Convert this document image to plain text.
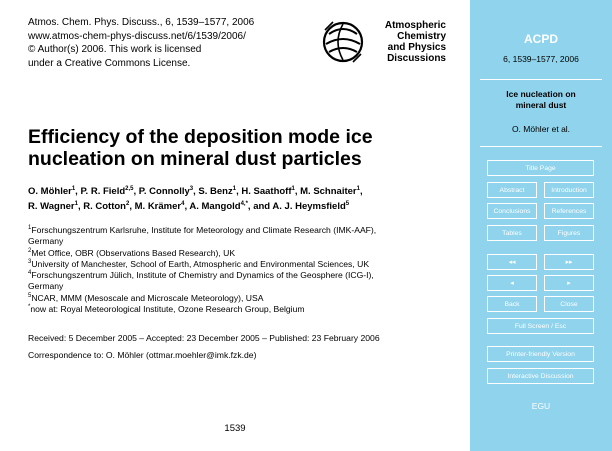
Atmos. Chem. Phys. Discuss., 6, 1539–1577, 2006
www.atmos-chem-phys-discuss.net/6/1539/2006/
© Author(s) 2006. This work is licensed
under a Creative Commons License.
Atmospheric
Chemistry
and Physics
Discussions
Efficiency of the deposition mode ice nucleation on mineral dust particles
O. Möhler$^1$, P. R. Field$^{2,5}$, P. Connolly$^3$, S. Benz$^1$, H. Saathoff$^1$, M. Schnaiter$^1$,
R. Wagner$^1$, R. Cotton$^2$, M. Krämer$^4$, A. Mangold$^{4,*}$, and A. J. Heymsfield$^5$
$^1$Forschungszentrum Karlsruhe, Institute for Meteorology and Climate Research (IMK-AAF),
Germany
$^2$Met Office, OBR (Observations Based Research), UK
$^3$University of Manchester, School of Earth, Atmospheric and Environmental Sciences, UK
$^4$Forschungszentrum Jülich, Institute of Chemistry and Dynamics of the Geosphere (ICG-I),
Germany
$^5$NCAR, MMM (Mesoscale and Microscale Meteorology), USA
*now at: Royal Meteorological Institute, Ozone Research Group, Belgium
Received: 5 December 2005 – Accepted: 23 December 2005 – Published: 23 February 2006
Correspondence to: O. Möhler (ottmar.moehler@imk.fzk.de)
1539
ACPD
6, 1539–1577, 2006
Ice nucleation on
mineral dust
O. Möhler et al.
Title Page
Abstract	Introduction
Conclusions	References
Tables	Figures
◂◂	▸▸
◂	▸
Back	Close
Full Screen / Esc
Printer-friendly Version
Interactive Discussion
EGU
